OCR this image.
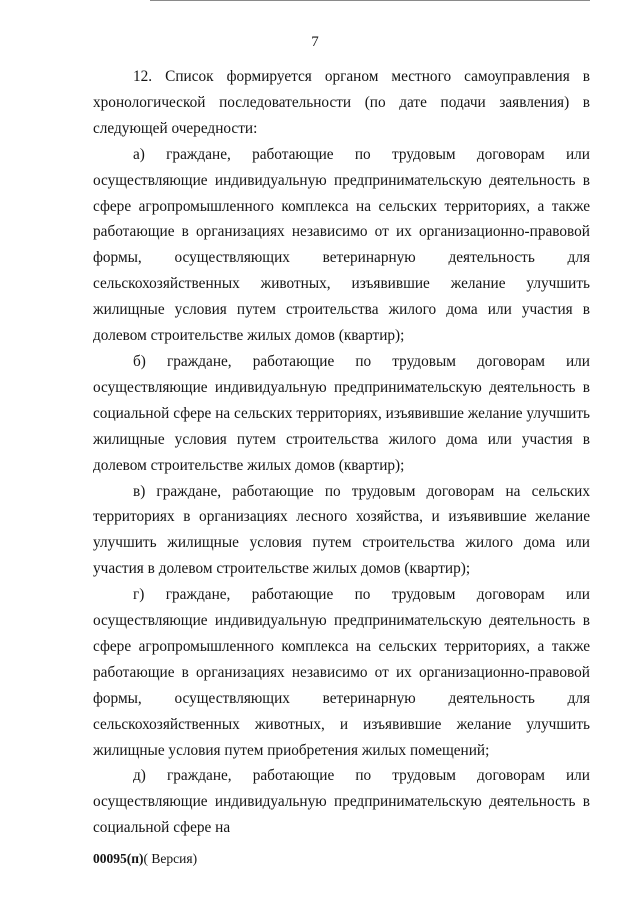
7

12. Список формируется органом местного самоуправления в хронологической последовательности (по дате подачи заявления) в следующей очередности:

а) граждане, работающие по трудовым договорам или осуществляющие индивидуальную предпринимательскую деятельность в сфере агропромышленного комплекса на сельских территориях, а также работающие в организациях независимо от их организационно-правовой формы, осуществляющих ветеринарную деятельность для сельскохозяйственных животных, изъявившие желание улучшить жилищные условия путем строительства жилого дома или участия в долевом строительстве жилых домов (квартир);

б) граждане, работающие по трудовым договорам или осуществляющие индивидуальную предпринимательскую деятельность в социальной сфере на сельских территориях, изъявившие желание улучшить жилищные условия путем строительства жилого дома или участия в долевом строительстве жилых домов (квартир);

в) граждане, работающие по трудовым договорам на сельских территориях в организациях лесного хозяйства, и изъявившие желание улучшить жилищные условия путем строительства жилого дома или участия в долевом строительстве жилых домов (квартир);

г) граждане, работающие по трудовым договорам или осуществляющие индивидуальную предпринимательскую деятельность в сфере агропромышленного комплекса на сельских территориях, а также работающие в организациях независимо от их организационно-правовой формы, осуществляющих ветеринарную деятельность для сельскохозяйственных животных, и изъявившие желание улучшить жилищные условия путем приобретения жилых помещений;

д) граждане, работающие по трудовым договорам или осуществляющие индивидуальную предпринимательскую деятельность в социальной сфере на

00095(п)( Версия)
